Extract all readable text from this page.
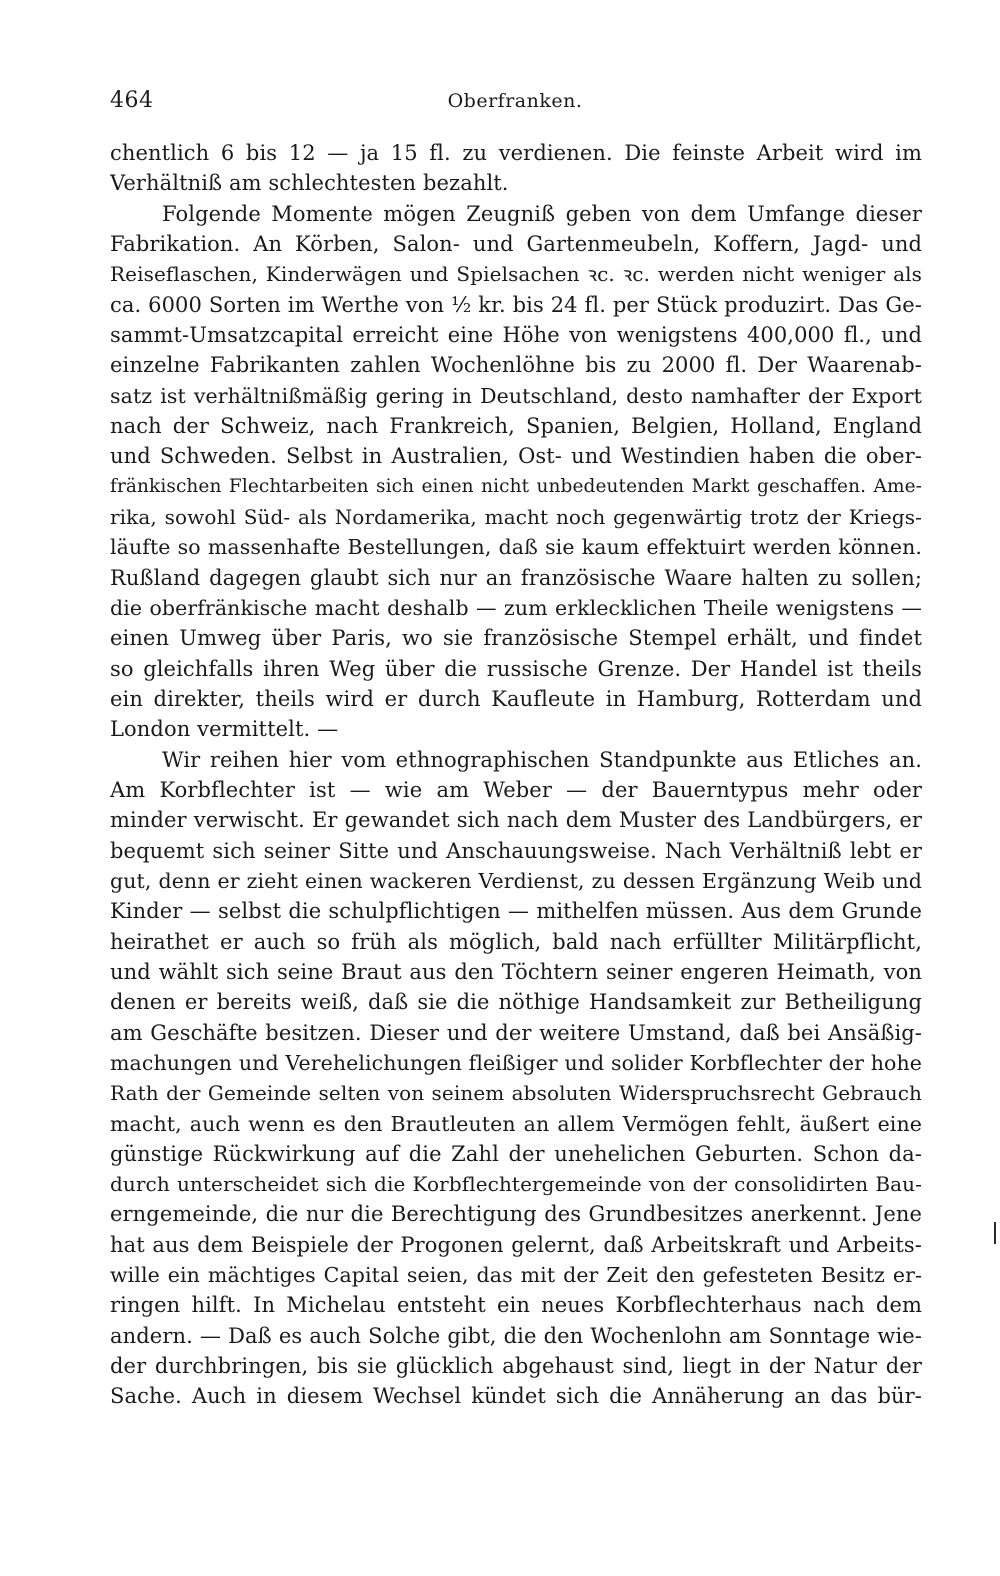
464	Oberfranken.
chentlich 6 bis 12 — ja 15 fl. zu verdienen. Die feinste Arbeit wird im
Verhältniß am schlechtesten bezahlt.
Folgende Momente mögen Zeugniß geben von dem Umfange dieser
Fabrikation. An Körben, Salon- und Gartenmeubeln, Koffern, Jagd- und
Reiseflaschen, Kinderwägen und Spielsachen ꝛc. ꝛc. werden nicht weniger als
ca. 6000 Sorten im Werthe von ½ kr. bis 24 fl. per Stück produzirt. Das Ge-
sammt-Umsatzcapital erreicht eine Höhe von wenigstens 400,000 fl., und
einzelne Fabrikanten zahlen Wochenlöhne bis zu 2000 fl. Der Waarenab-
satz ist verhältnißmäßig gering in Deutschland, desto namhafter der Export
nach der Schweiz, nach Frankreich, Spanien, Belgien, Holland, England
und Schweden. Selbst in Australien, Ost- und Westindien haben die ober-
fränkischen Flechtarbeiten sich einen nicht unbedeutenden Markt geschaffen. Ame-
rika, sowohl Süd- als Nordamerika, macht noch gegenwärtig trotz der Kriegs-
läufte so massenhafte Bestellungen, daß sie kaum effektuirt werden können.
Rußland dagegen glaubt sich nur an französische Waare halten zu sollen;
die oberfränkische macht deshalb — zum erklecklichen Theile wenigstens —
einen Umweg über Paris, wo sie französische Stempel erhält, und findet
so gleichfalls ihren Weg über die russische Grenze. Der Handel ist theils
ein direkter, theils wird er durch Kaufleute in Hamburg, Rotterdam und
London vermittelt. —
Wir reihen hier vom ethnographischen Standpunkte aus Etliches an.
Am Korbflechter ist — wie am Weber — der Bauerntypus mehr oder
minder verwischt. Er gewandet sich nach dem Muster des Landbürgers, er
bequemt sich seiner Sitte und Anschauungsweise. Nach Verhältniß lebt er
gut, denn er zieht einen wackeren Verdienst, zu dessen Ergänzung Weib und
Kinder — selbst die schulpflichtigen — mithelfen müssen. Aus dem Grunde
heirathet er auch so früh als möglich, bald nach erfüllter Militärpflicht,
und wählt sich seine Braut aus den Töchtern seiner engeren Heimath, von
denen er bereits weiß, daß sie die nöthige Handsamkeit zur Betheiligung
am Geschäfte besitzen. Dieser und der weitere Umstand, daß bei Ansäßig-
machungen und Verehelichungen fleißiger und solider Korbflechter der hohe
Rath der Gemeinde selten von seinem absoluten Widerspruchsrecht Gebrauch
macht, auch wenn es den Brautleuten an allem Vermögen fehlt, äußert eine
günstige Rückwirkung auf die Zahl der unehelichen Geburten. Schon da-
durch unterscheidet sich die Korbflechtergemeinde von der consolidirten Bau-
erngemeinde, die nur die Berechtigung des Grundbesitzes anerkennt. Jene
hat aus dem Beispiele der Progonen gelernt, daß Arbeitskraft und Arbeits-
wille ein mächtiges Capital seien, das mit der Zeit den gefesteten Besitz er-
ringen hilft. In Michelau entsteht ein neues Korbflechterhaus nach dem
andern. — Daß es auch Solche gibt, die den Wochenlohn am Sonntage wie-
der durchbringen, bis sie glücklich abgehaust sind, liegt in der Natur der
Sache. Auch in diesem Wechsel kündet sich die Annäherung an das bür-
